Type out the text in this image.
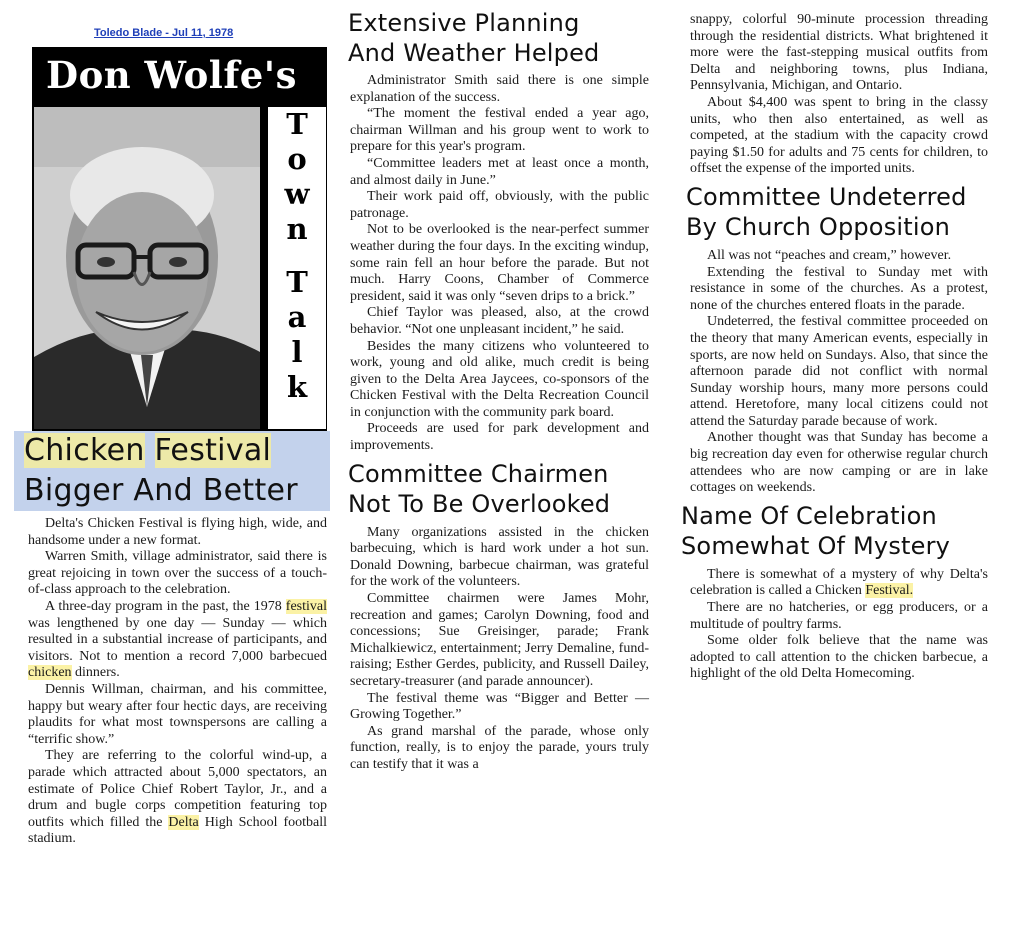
Toledo Blade - Jul 11, 1978
Don Wolfe's
T
o
w
n
T
a
l
k
Chicken Festival
Bigger And Better

Delta's Chicken Festival is flying high, wide, and handsome under a new format.

Warren Smith, village administrator, said there is great rejoicing in town over the success of a touch-of-class approach to the celebration.

A three-day program in the past, the 1978 festival was lengthened by one day — Sunday — which resulted in a substantial increase of participants, and visitors. Not to mention a record 7,000 barbecued chicken dinners.

Dennis Willman, chairman, and his committee, happy but weary after four hectic days, are receiving plaudits for what most townspersons are calling a “terrific show.”

They are referring to the colorful wind-up, a parade which attracted about 5,000 spectators, an estimate of Police Chief Robert Taylor, Jr., and a drum and bugle corps competition featuring top outfits which filled the Delta High School football stadium.

Extensive Planning
And Weather Helped

Administrator Smith said there is one simple explanation of the success.

“The moment the festival ended a year ago, chairman Willman and his group went to work to prepare for this year's program.

“Committee leaders met at least once a month, and almost daily in June.”

Their work paid off, obviously, with the public patronage.

Not to be overlooked is the near-perfect summer weather during the four days. In the exciting windup, some rain fell an hour before the parade. But not much. Harry Coons, Chamber of Commerce president, said it was only “seven drips to a brick.”

Chief Taylor was pleased, also, at the crowd behavior. “Not one unpleasant incident,” he said.

Besides the many citizens who volunteered to work, young and old alike, much credit is being given to the Delta Area Jaycees, co-sponsors of the Chicken Festival with the Delta Recreation Council in conjunction with the community park board.

Proceeds are used for park development and improvements.

Committee Chairmen
Not To Be Overlooked

Many organizations assisted in the chicken barbecuing, which is hard work under a hot sun. Donald Downing, barbecue chairman, was grateful for the work of the volunteers.

Committee chairmen were James Mohr, recreation and games; Carolyn Downing, food and concessions; Sue Greisinger, parade; Frank Michalkiewicz, entertainment; Jerry Demaline, fund-raising; Esther Gerdes, publicity, and Russell Dailey, secretary-treasurer (and parade announcer).

The festival theme was “Bigger and Better — Growing Together.”

As grand marshal of the parade, whose only function, really, is to enjoy the parade, yours truly can testify that it was a

snappy, colorful 90-minute procession threading through the residential districts. What brightened it more were the fast-stepping musical outfits from Delta and neighboring towns, plus Indiana, Pennsylvania, Michigan, and Ontario.

About $4,400 was spent to bring in the classy units, who then also entertained, as well as competed, at the stadium with the capacity crowd paying $1.50 for adults and 75 cents for children, to offset the expense of the imported units.

Committee Undeterred
By Church Opposition

All was not “peaches and cream,” however.

Extending the festival to Sunday met with resistance in some of the churches. As a protest, none of the churches entered floats in the parade.

Undeterred, the festival committee proceeded on the theory that many American events, especially in sports, are now held on Sundays. Also, that since the afternoon parade did not conflict with normal Sunday worship hours, many more persons could attend. Heretofore, many local citizens could not attend the Saturday parade because of work.

Another thought was that Sunday has become a big recreation day even for otherwise regular church attendees who are now camping or are in lake cottages on weekends.

Name Of Celebration
Somewhat Of Mystery

There is somewhat of a mystery of why Delta's celebration is called a Chicken Festival.

There are no hatcheries, or egg producers, or a multitude of poultry farms.

Some older folk believe that the name was adopted to call attention to the chicken barbecue, a highlight of the old Delta Homecoming.
